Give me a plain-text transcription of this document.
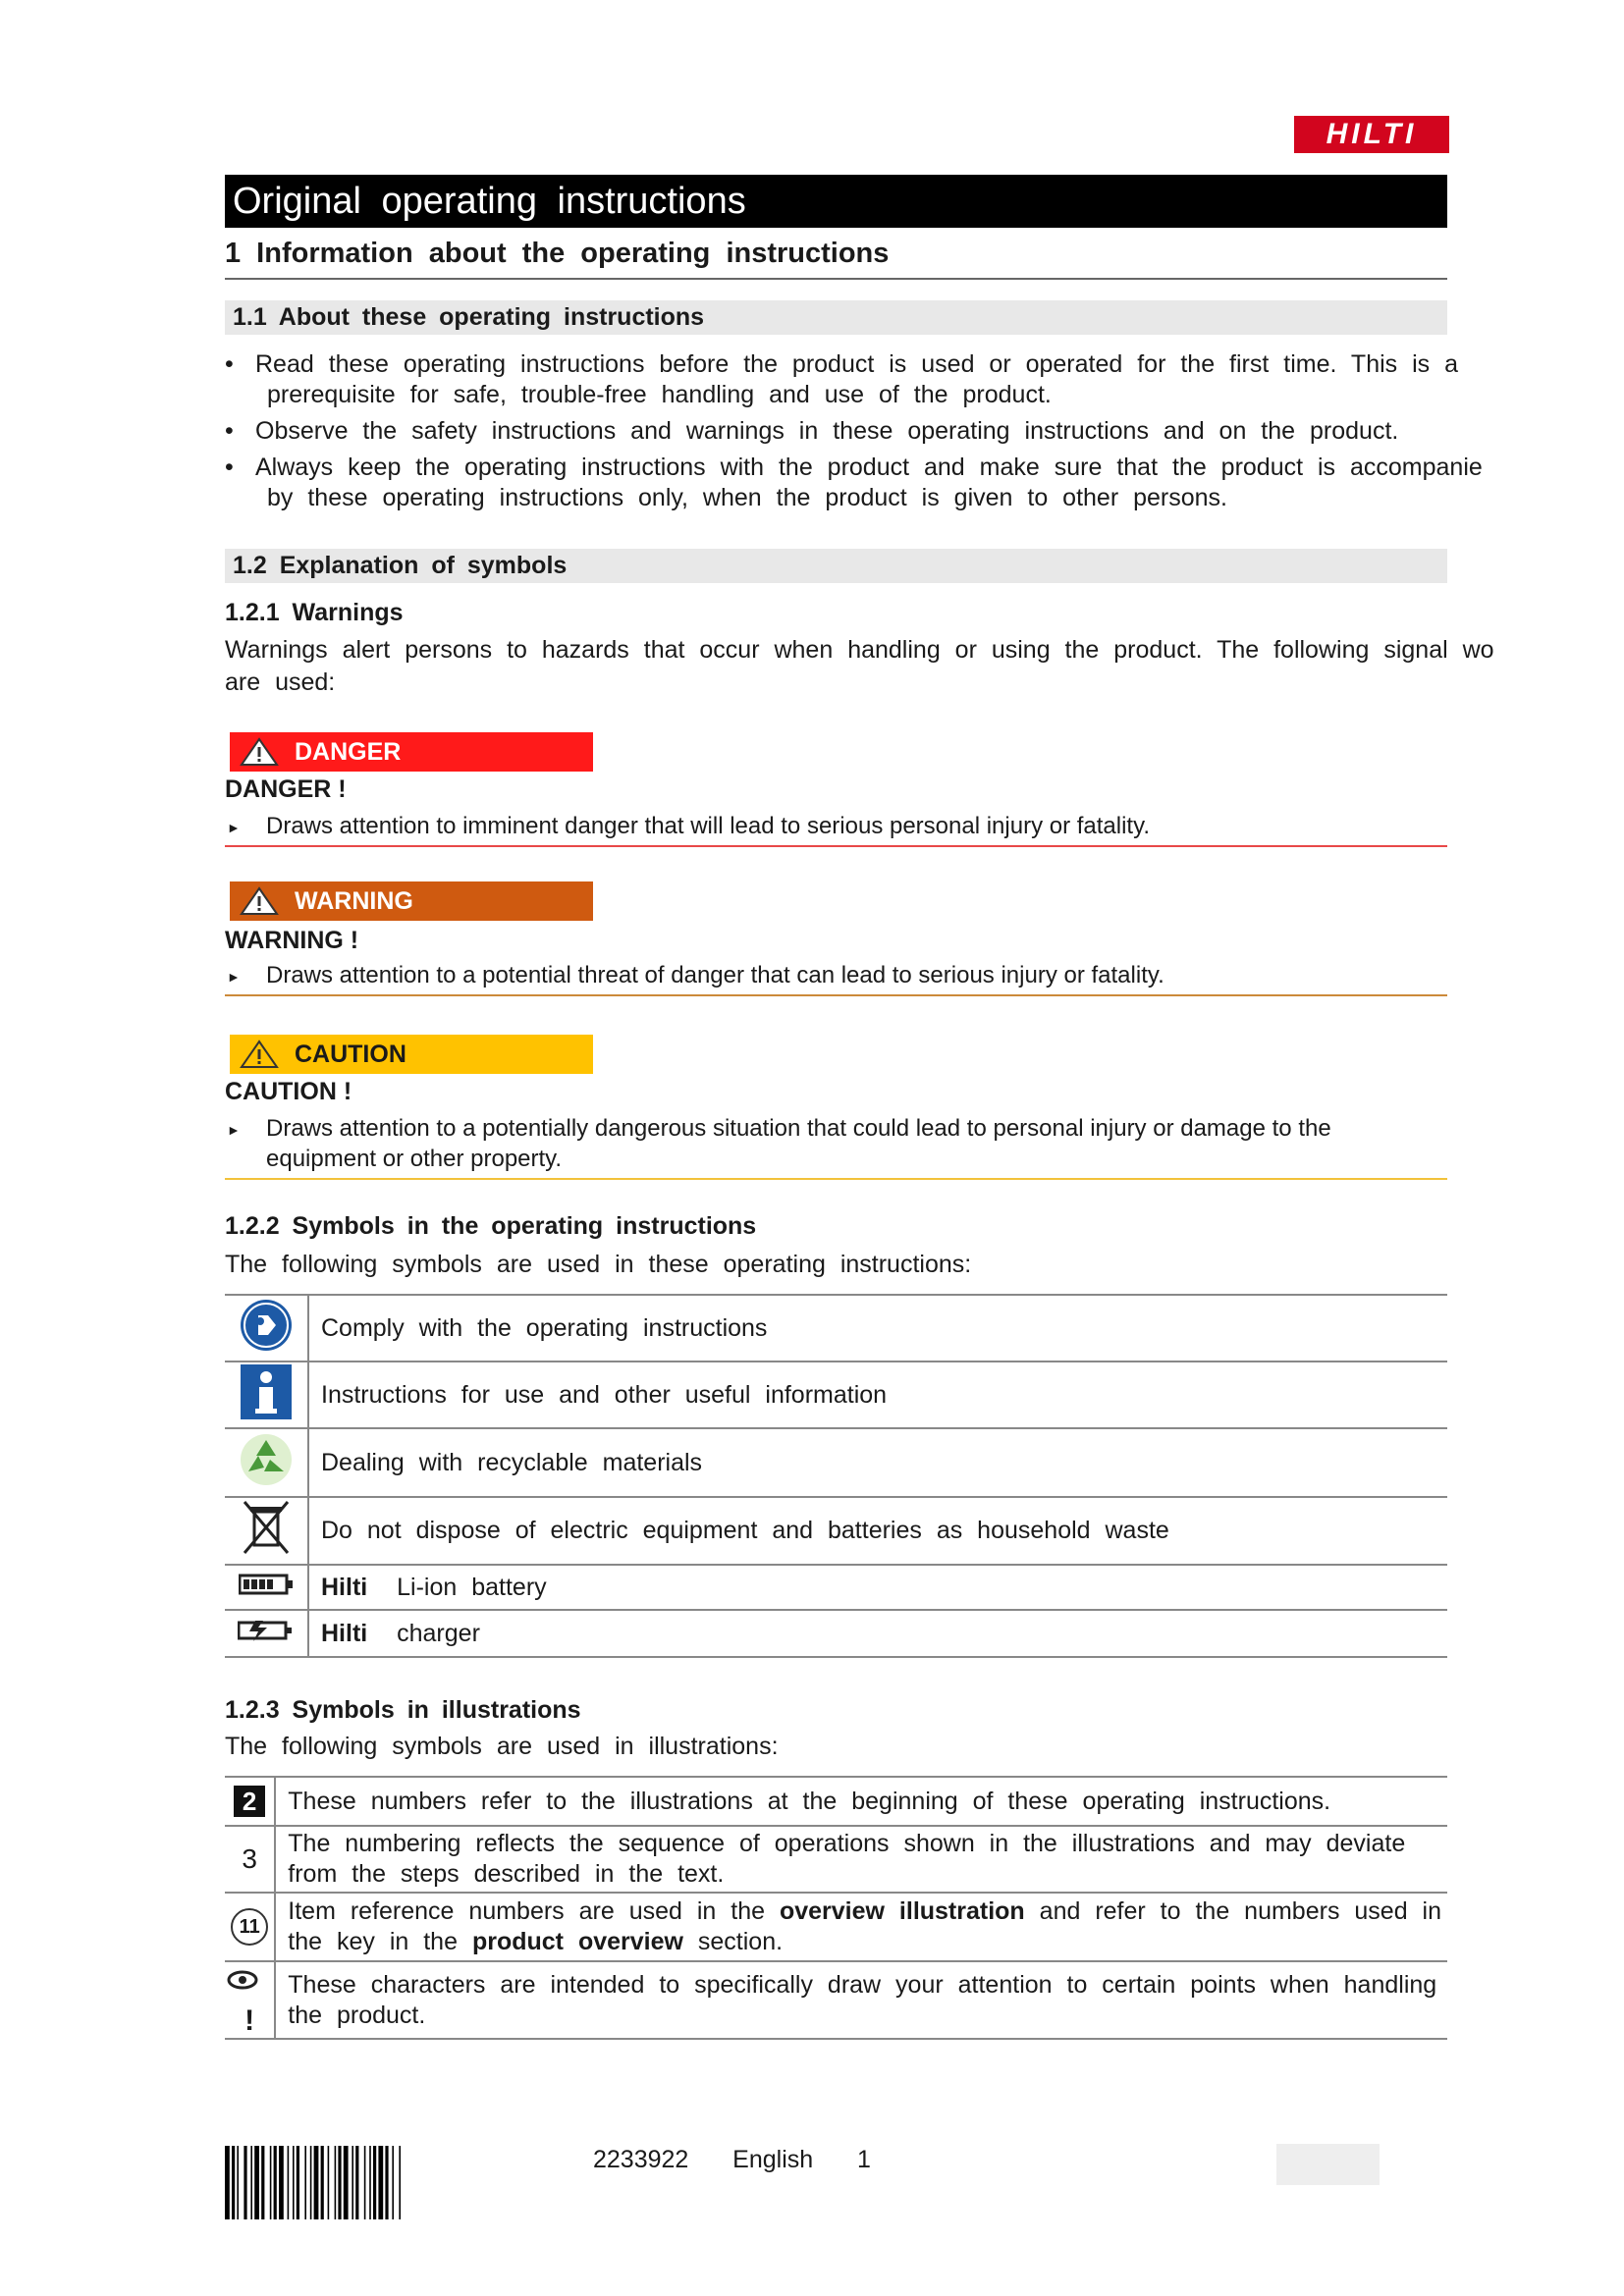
HILTI
Original operating instructions
1 Information about the operating instructions
1.1 About these operating instructions
• Read these operating instructions before the product is used or operated for the first time. This is a
prerequisite for safe, trouble-free handling and use of the product.
• Observe the safety instructions and warnings in these operating instructions and on the product.
• Always keep the operating instructions with the product and make sure that the product is accompanie
by these operating instructions only, when the product is given to other persons.
1.2 Explanation of symbols
1.2.1 Warnings
Warnings alert persons to hazards that occur when handling or using the product. The following signal wo
are used:
DANGER
DANGER !
► Draws attention to imminent danger that will lead to serious personal injury or fatality.
WARNING
WARNING !
► Draws attention to a potential threat of danger that can lead to serious injury or fatality.
CAUTION
CAUTION !
► Draws attention to a potentially dangerous situation that could lead to personal injury or damage to the
equipment or other property.
1.2.2 Symbols in the operating instructions
The following symbols are used in these operating instructions:
	Comply with the operating instructions
	Instructions for use and other useful information
	Dealing with recyclable materials
	Do not dispose of electric equipment and batteries as household waste
	Hilti Li-ion battery
	Hilti charger
1.2.3 Symbols in illustrations
The following symbols are used in illustrations:
2	These numbers refer to the illustrations at the beginning of these operating instructions.
3	The numbering reflects the sequence of operations shown in the illustrations and may deviate
from the steps described in the text.

11	Item reference numbers are used in the overview illustration and refer to the numbers used in
the key in the product overview section.

!	These characters are intended to specifically draw your attention to certain points when handling
the product.
2233922 English 1
